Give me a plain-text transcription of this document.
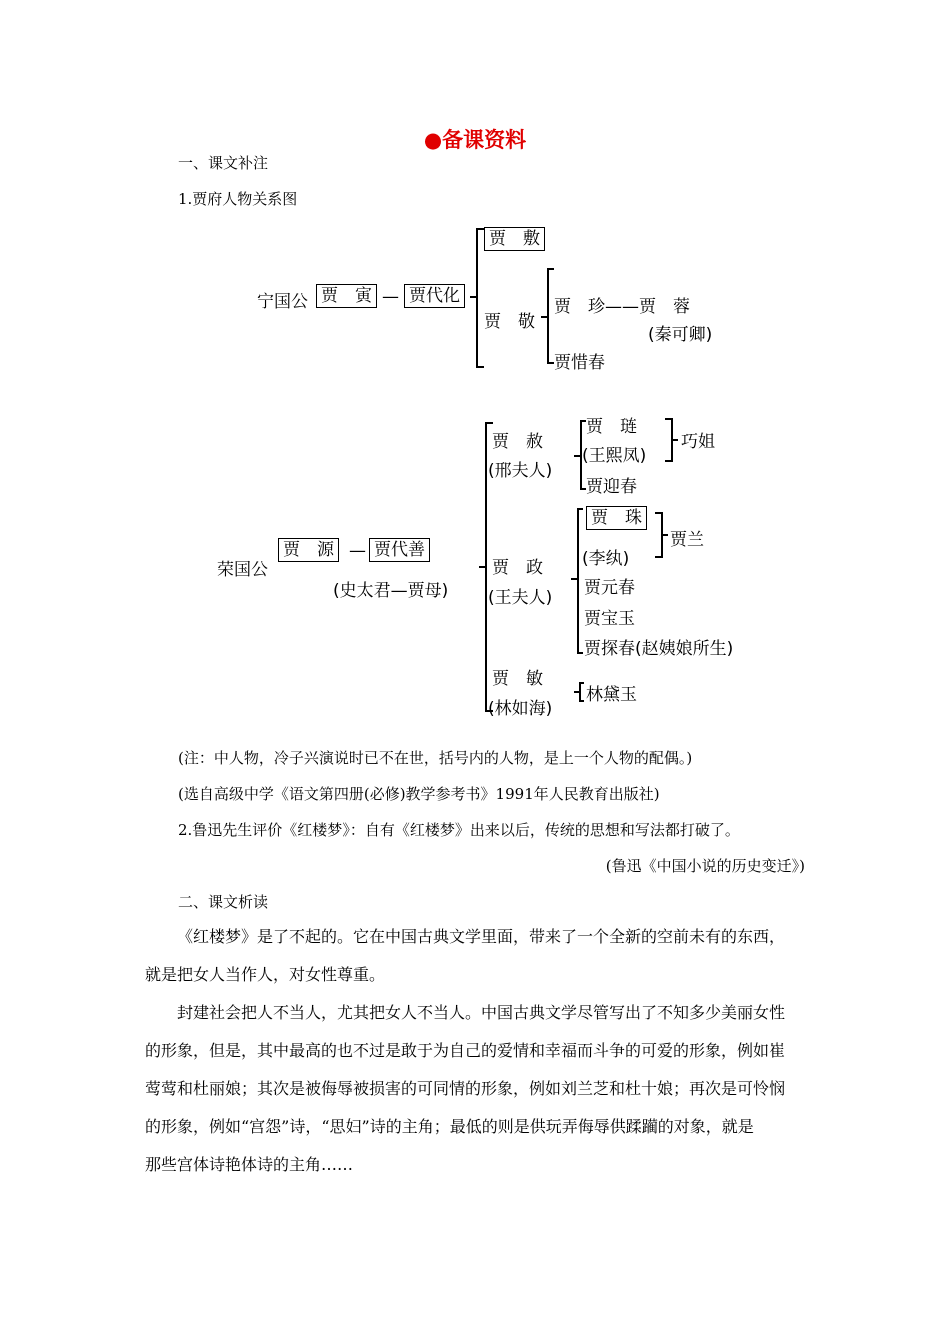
●备课资料
一、课文补注
1.贾府人物关系图
宁国公 贾　寅 — 贾代化
贾　敷
贾　敬
贾　珍——贾　蓉
(秦可卿)
贾惜春
荣国公
贾　源 — 贾代善
(史太君—贾母)
贾　赦
(邢夫人)
贾　琏
(王熙凤)
巧姐
贾迎春
贾　政
(王夫人)
贾　珠
(李纨)
贾兰
贾元春
贾宝玉
贾探春(赵姨娘所生)
贾　敏
(林如海)
林黛玉
(注：中人物，冷子兴演说时已不在世，括号内的人物，是上一个人物的配偶。)
(选自高级中学《语文第四册(必修)教学参考书》1991年人民教育出版社)
2.鲁迅先生评价《红楼梦》：自有《红楼梦》出来以后，传统的思想和写法都打破了。
(鲁迅《中国小说的历史变迁》)
二、课文析读
《红楼梦》是了不起的。它在中国古典文学里面，带来了一个全新的空前未有的东西，
就是把女人当作人，对女性尊重。
封建社会把人不当人，尤其把女人不当人。中国古典文学尽管写出了不知多少美丽女性
的形象，但是，其中最高的也不过是敢于为自己的爱情和幸福而斗争的可爱的形象，例如崔
莺莺和杜丽娘；其次是被侮辱被损害的可同情的形象，例如刘兰芝和杜十娘；再次是可怜悯
的形象，例如“宫怨”诗，“思妇”诗的主角；最低的则是供玩弄侮辱供蹂躏的对象，就是
那些宫体诗艳体诗的主角……
